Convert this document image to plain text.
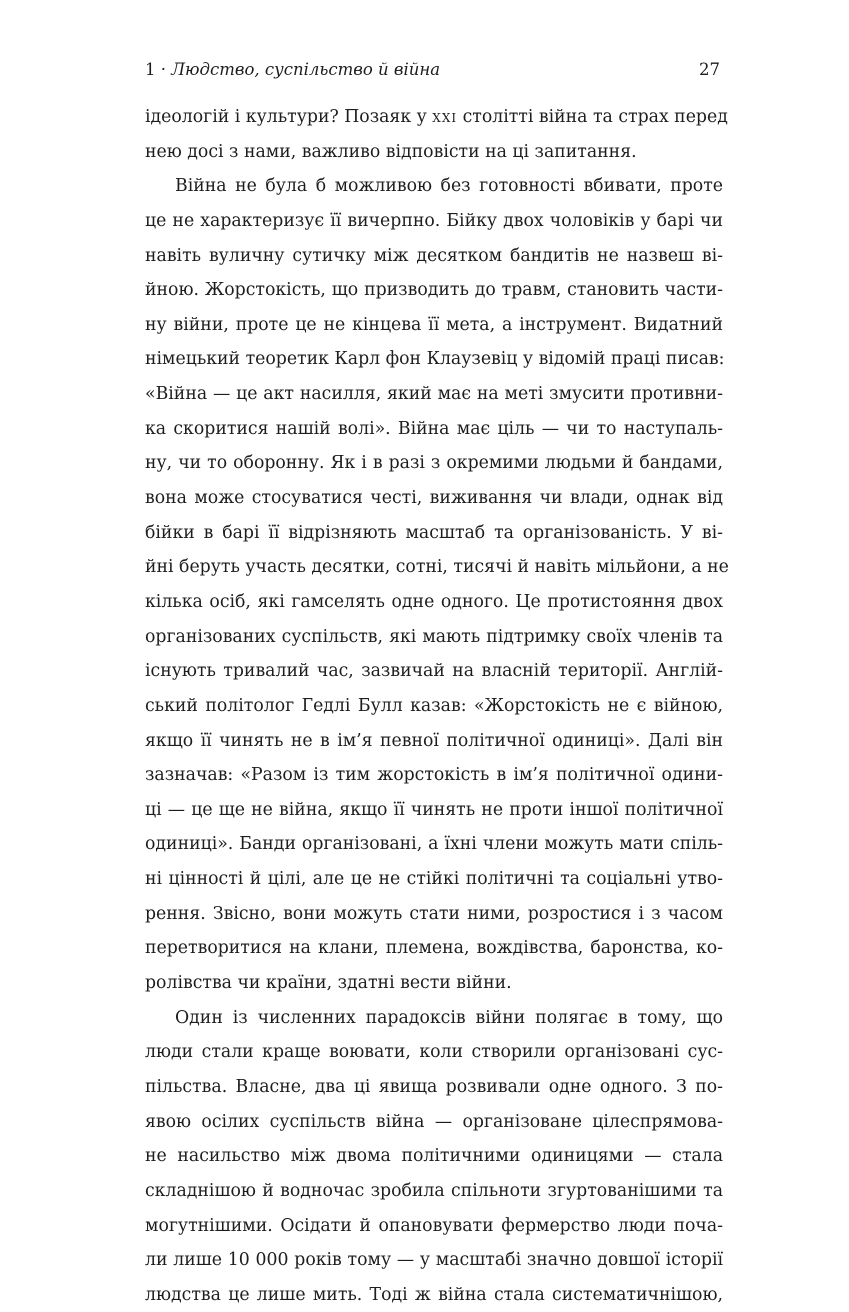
1 · Людство, суспільство й війна	27
ідеологій і культури? Позаяк у xxi столітті війна та страх перед
нею досі з нами, важливо відповісти на ці запитання.
Війна не була б можливою без готовності вбивати, проте
це не характеризує її вичерпно. Бійку двох чоловіків у барі чи
навіть вуличну сутичку між десятком бандитів не назвеш ві-
йною. Жорстокість, що призводить до травм, становить части-
ну війни, проте це не кінцева її мета, а інструмент. Видатний
німецький теоретик Карл фон Клаузевіц у відомій праці писав:
«Війна — це акт насилля, який має на меті змусити противни-
ка скоритися нашій волі». Війна має ціль — чи то наступаль-
ну, чи то оборонну. Як і в разі з окремими людьми й бандами,
вона може стосуватися честі, виживання чи влади, однак від
бійки в барі її відрізняють масштаб та організованість. У ві-
йні беруть участь десятки, сотні, тисячі й навіть мільйони, а не
кілька осіб, які гамселять одне одного. Це протистояння двох
організованих суспільств, які мають підтримку своїх членів та
існують тривалий час, зазвичай на власній території. Англій-
ський політолог Гедлі Булл казав: «Жорстокість не є війною,
якщо її чинять не в ім’я певної політичної одиниці». Далі він
зазначав: «Разом із тим жорстокість в ім’я політичної одини-
ці — це ще не війна, якщо її чинять не проти іншої політичної
одиниці». Банди організовані, а їхні члени можуть мати спіль-
ні цінності й цілі, але це не стійкі політичні та соціальні утво-
рення. Звісно, вони можуть стати ними, розростися і з часом
перетворитися на клани, племена, вождівства, баронства, ко-
ролівства чи країни, здатні вести війни.
Один із численних парадоксів війни полягає в тому, що
люди стали краще воювати, коли створили організовані сус-
пільства. Власне, два ці явища розвивали одне одного. З по-
явою осілих суспільств війна — організоване цілеспрямова-
не насильство між двома політичними одиницями — стала
складнішою й водночас зробила спільноти згуртованішими та
могутнішими. Осідати й опановувати фермерство люди поча-
ли лише 10 000 років тому — у масштабі значно довшої історії
людства це лише мить. Тоді ж війна стала систематичнішою,
